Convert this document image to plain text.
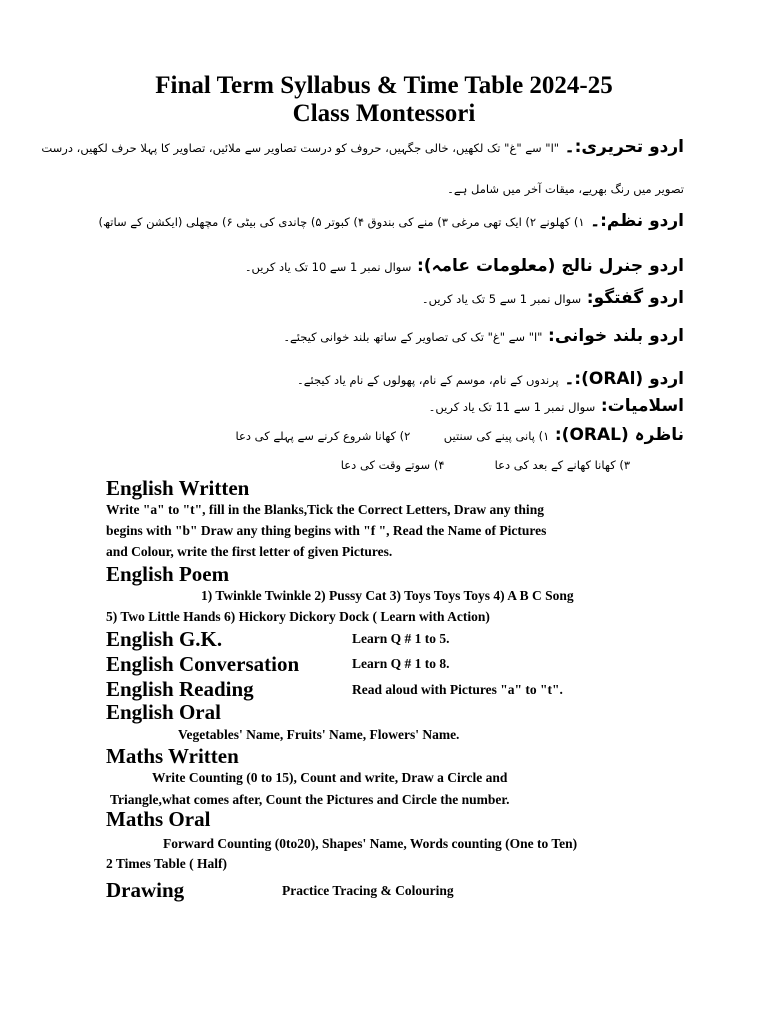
Final Term Syllabus & Time Table 2024-25
Class Montessori
اردو تحریری:۔ "ا" سے "غ" تک لکھیں، خالی جگہیں، حروف کو درست تصاویر سے ملائیں، تصاویر کا پہلا حرف لکھیں، درست
تصویر میں رنگ بھریے، میقات آخر میں شامل ہے۔
اردو نظم:۔ ۱) کھلونے ۲) ایک تھی مرغی ۳) منے کی بندوق ۴) کبوتر ۵) چاندی کی بیٹی ۶) مچھلی (ایکشن کے ساتھ)
اردو جنرل نالج (معلومات عامہ): سوال نمبر 1 سے 10 تک یاد کریں۔
اردو گفتگو: سوال نمبر 1 سے 5 تک یاد کریں۔
اردو بلند خوانی: "ا" سے "غ" تک کی تصاویر کے ساتھ بلند خوانی کیجئے۔
اردو (ORAl):۔ پرندوں کے نام، موسم کے نام، پھولوں کے نام یاد کیجئے۔
اسلامیات: سوال نمبر 1 سے 11 تک یاد کریں۔
ناظرہ (ORAL): ۱) پانی پینے کی سنتیں      ۲) کھانا شروع کرنے سے پہلے کی دعا
۳) کھانا کھانے کے بعد کی دعا         ۴) سوتے وقت کی دعا
English Written
Write "a" to "t", fill in the Blanks,Tick the Correct Letters, Draw any thing
begins with "b" Draw any thing begins with "f ", Read the Name of Pictures
and Colour, write the first letter of given Pictures.
English Poem
1) Twinkle Twinkle 2) Pussy Cat 3) Toys Toys Toys 4) A B C Song
5) Two Little Hands 6) Hickory Dickory Dock ( Learn with Action)
English G.K.	Learn Q # 1 to 5.
English Conversation	Learn Q # 1 to 8.
English Reading	Read aloud with Pictures "a" to "t".
English Oral
Vegetables' Name, Fruits' Name, Flowers' Name.
Maths Written
Write Counting (0 to 15), Count and write, Draw a Circle and
Triangle,what comes after, Count the Pictures and Circle the number.
Maths Oral
Forward Counting (0to20), Shapes' Name, Words counting (One to Ten)
2 Times Table ( Half)
Drawing	Practice Tracing & Colouring
